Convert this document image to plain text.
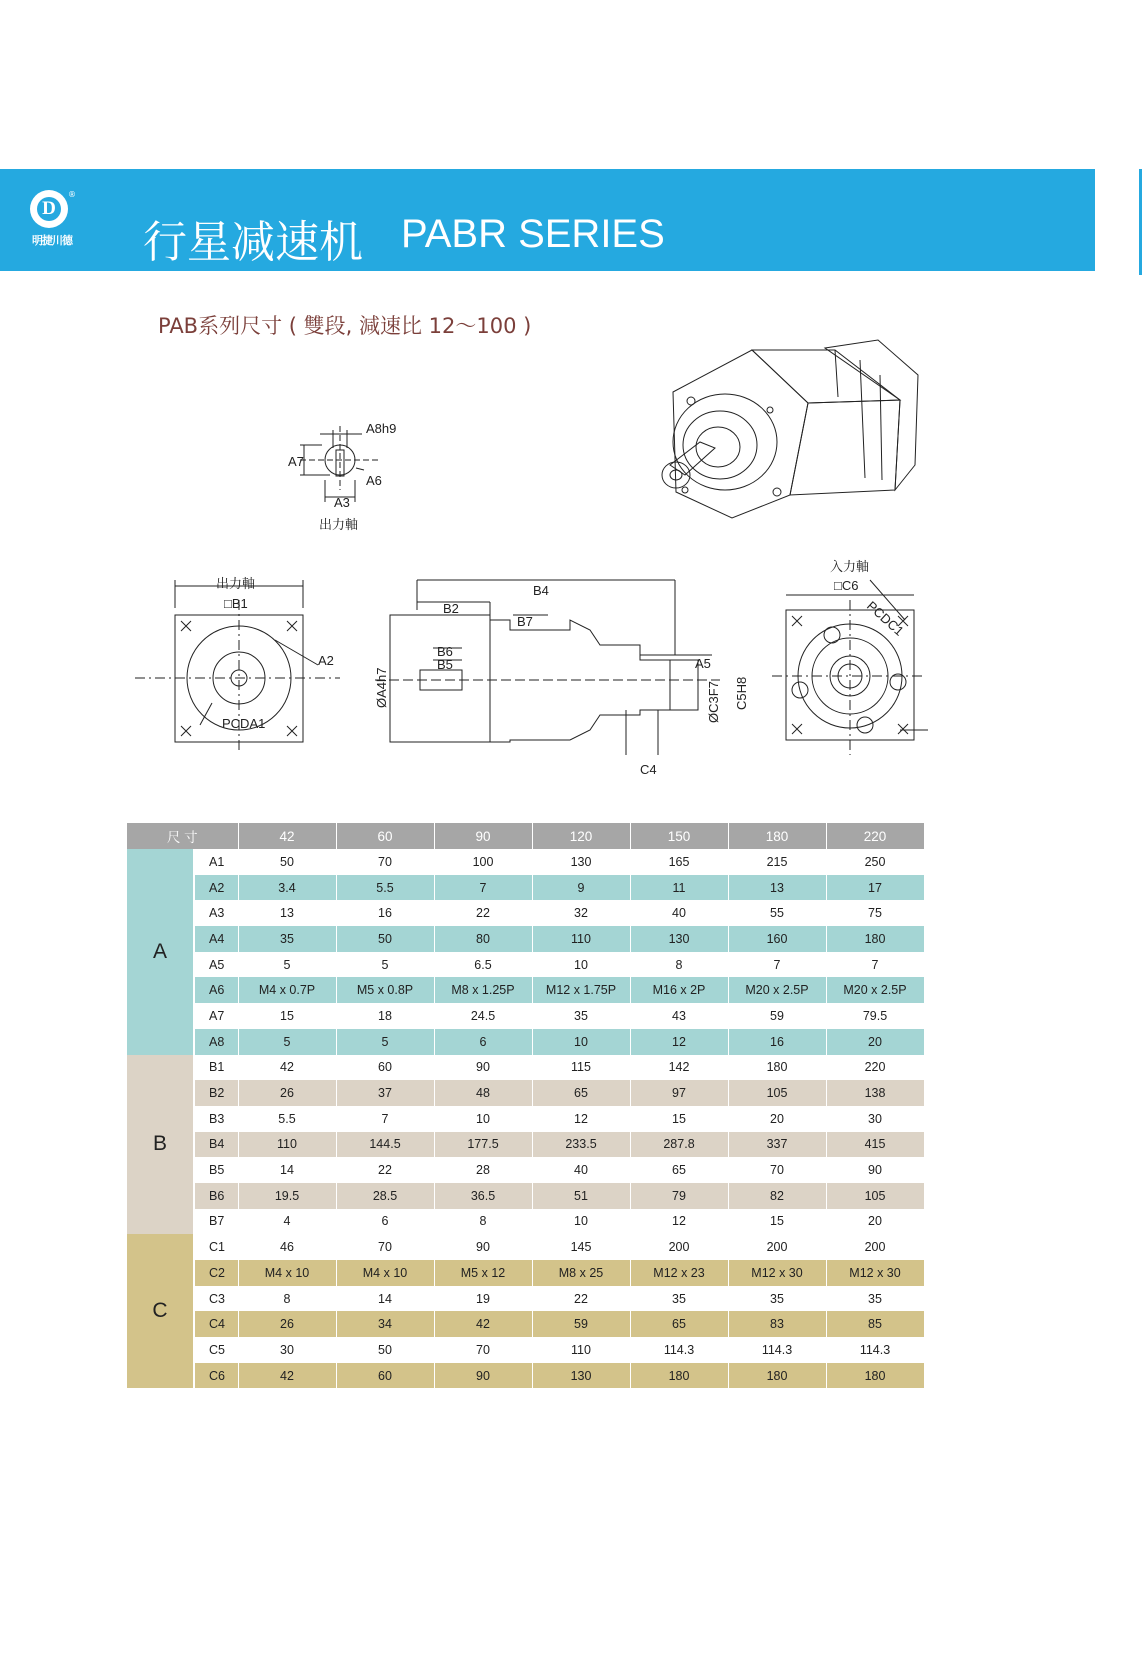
D
®
明捷川德 行星减速机 PABR SERIES
PAB系列尺寸 ( 雙段, 減速比 12～100 )
A8h9
A7
A6
A3
出力軸
出力軸
□B1
A2
PCDA1
B4
B2
B7
B6
B5	A5
ØA4h7	ØC3F7 C5H8
C4
入力軸
□C6
PCDC1
尺 寸		42	60	90	120	150	180	220
A	A1	50	70	100	130	165	215	250
	A2	3.4	5.5	7	9	11	13	17
	A3	13	16	22	32	40	55	75
	A4	35	50	80	110	130	160	180
	A5	5	5	6.5	10	8	7	7
	A6	M4 x 0.7P	M5 x 0.8P	M8 x 1.25P	M12 x 1.75P	M16 x 2P	M20 x 2.5P	M20 x 2.5P
	A7	15	18	24.5	35	43	59	79.5
	A8	5	5	6	10	12	16	20
B	B1	42	60	90	115	142	180	220
	B2	26	37	48	65	97	105	138
	B3	5.5	7	10	12	15	20	30
	B4	110	144.5	177.5	233.5	287.8	337	415
	B5	14	22	28	40	65	70	90
	B6	19.5	28.5	36.5	51	79	82	105
	B7	4	6	8	10	12	15	20
C	C1	46	70	90	145	200	200	200
	C2	M4 x 10	M4 x 10	M5 x 12	M8 x 25	M12 x 23	M12 x 30	M12 x 30
	C3	8	14	19	22	35	35	35
	C4	26	34	42	59	65	83	85
	C5	30	50	70	110	114.3	114.3	114.3
	C6	42	60	90	130	180	180	180
